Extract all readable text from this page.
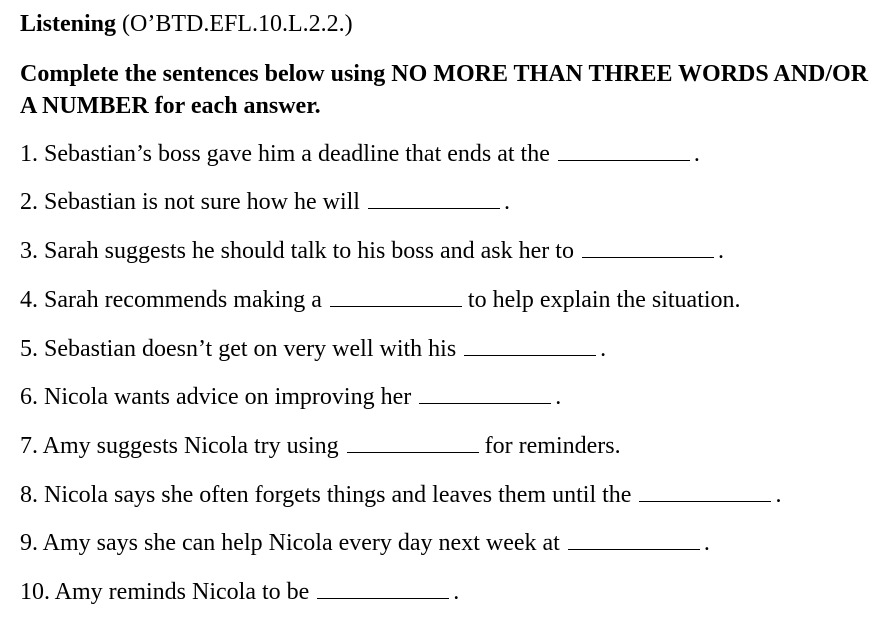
Listening (O’BTD.EFL.10.L.2.2.)
Complete the sentences below using NO MORE THAN THREE WORDS AND/OR A NUMBER for each answer.
1. Sebastian’s boss gave him a deadline that ends at the	.
2. Sebastian is not sure how he will	.
3. Sarah suggests he should talk to his boss and ask her to	.
4. Sarah recommends making a	to help explain the situation.
5. Sebastian doesn’t get on very well with his	.
6. Nicola wants advice on improving her	.
7. Amy suggests Nicola try using	for reminders.
8. Nicola says she often forgets things and leaves them until the	.
9. Amy says she can help Nicola every day next week at	.
10. Amy reminds Nicola to be	.
